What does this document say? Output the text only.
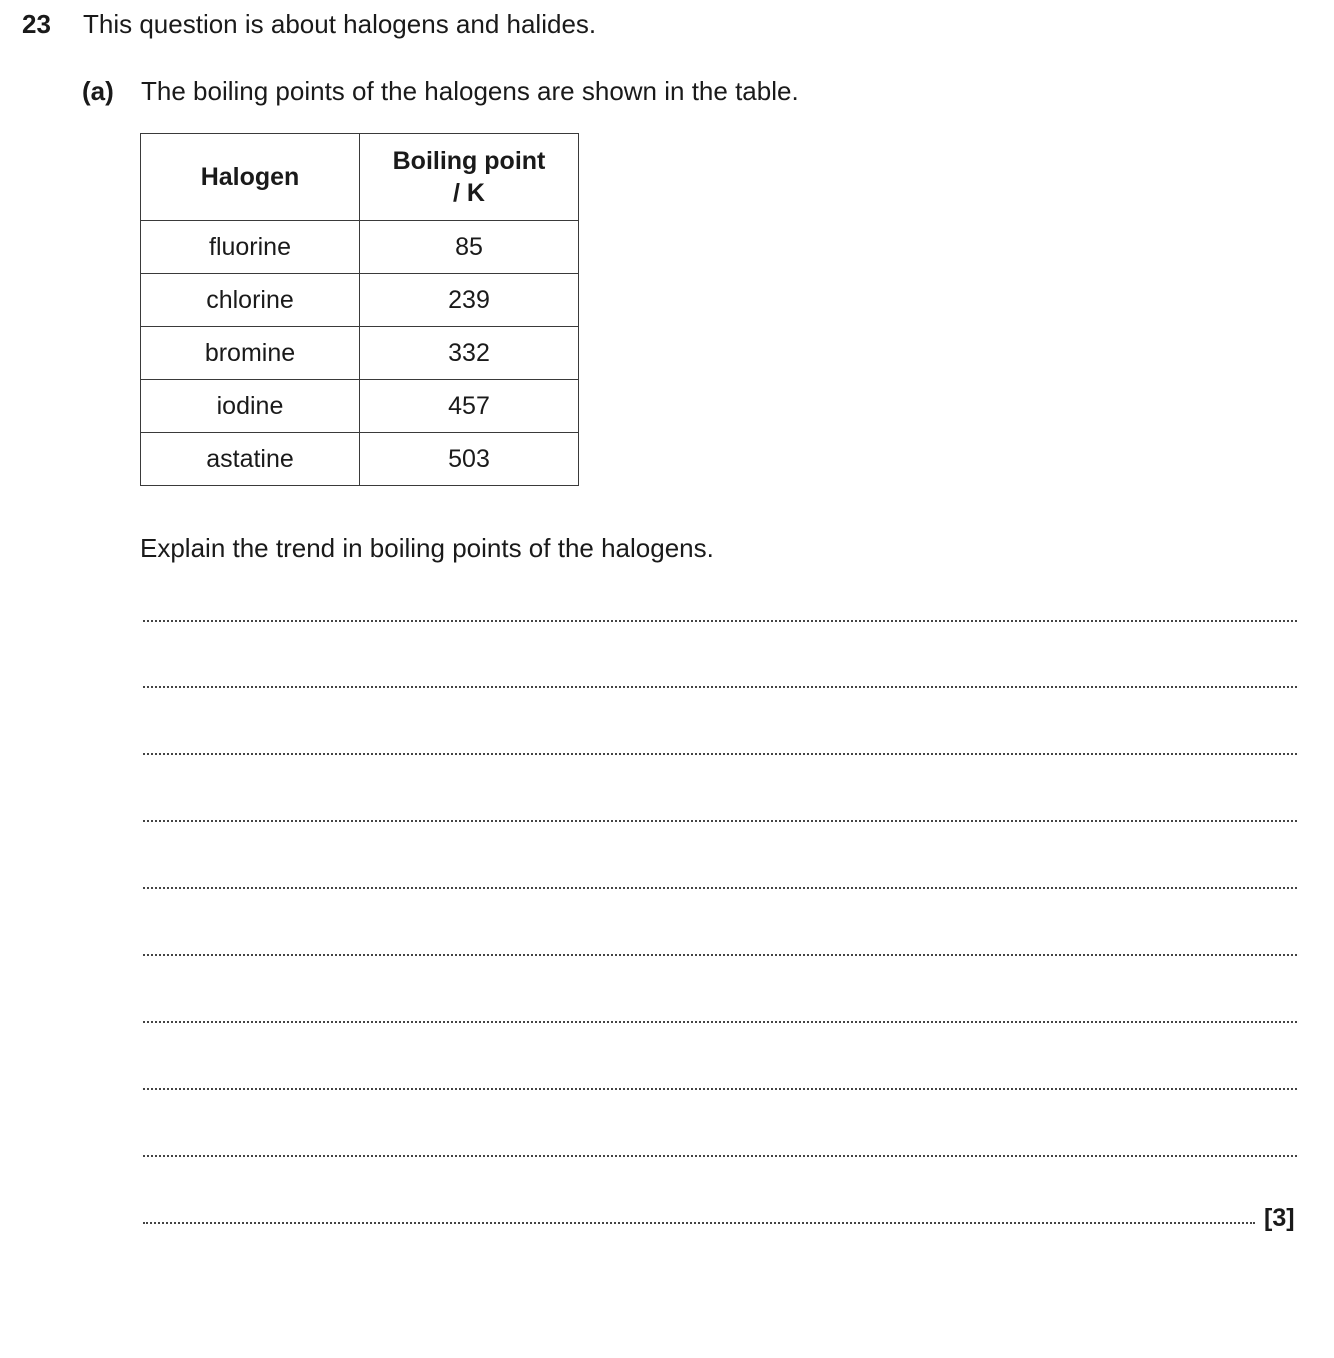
23 This question is about halogens and halides.
(a) The boiling points of the halogens are shown in the table.
Halogen	Boiling point
/ K
fluorine	85
chlorine	239
bromine	332
iodine	457
astatine	503
Explain the trend in boiling points of the halogens.
[3]
